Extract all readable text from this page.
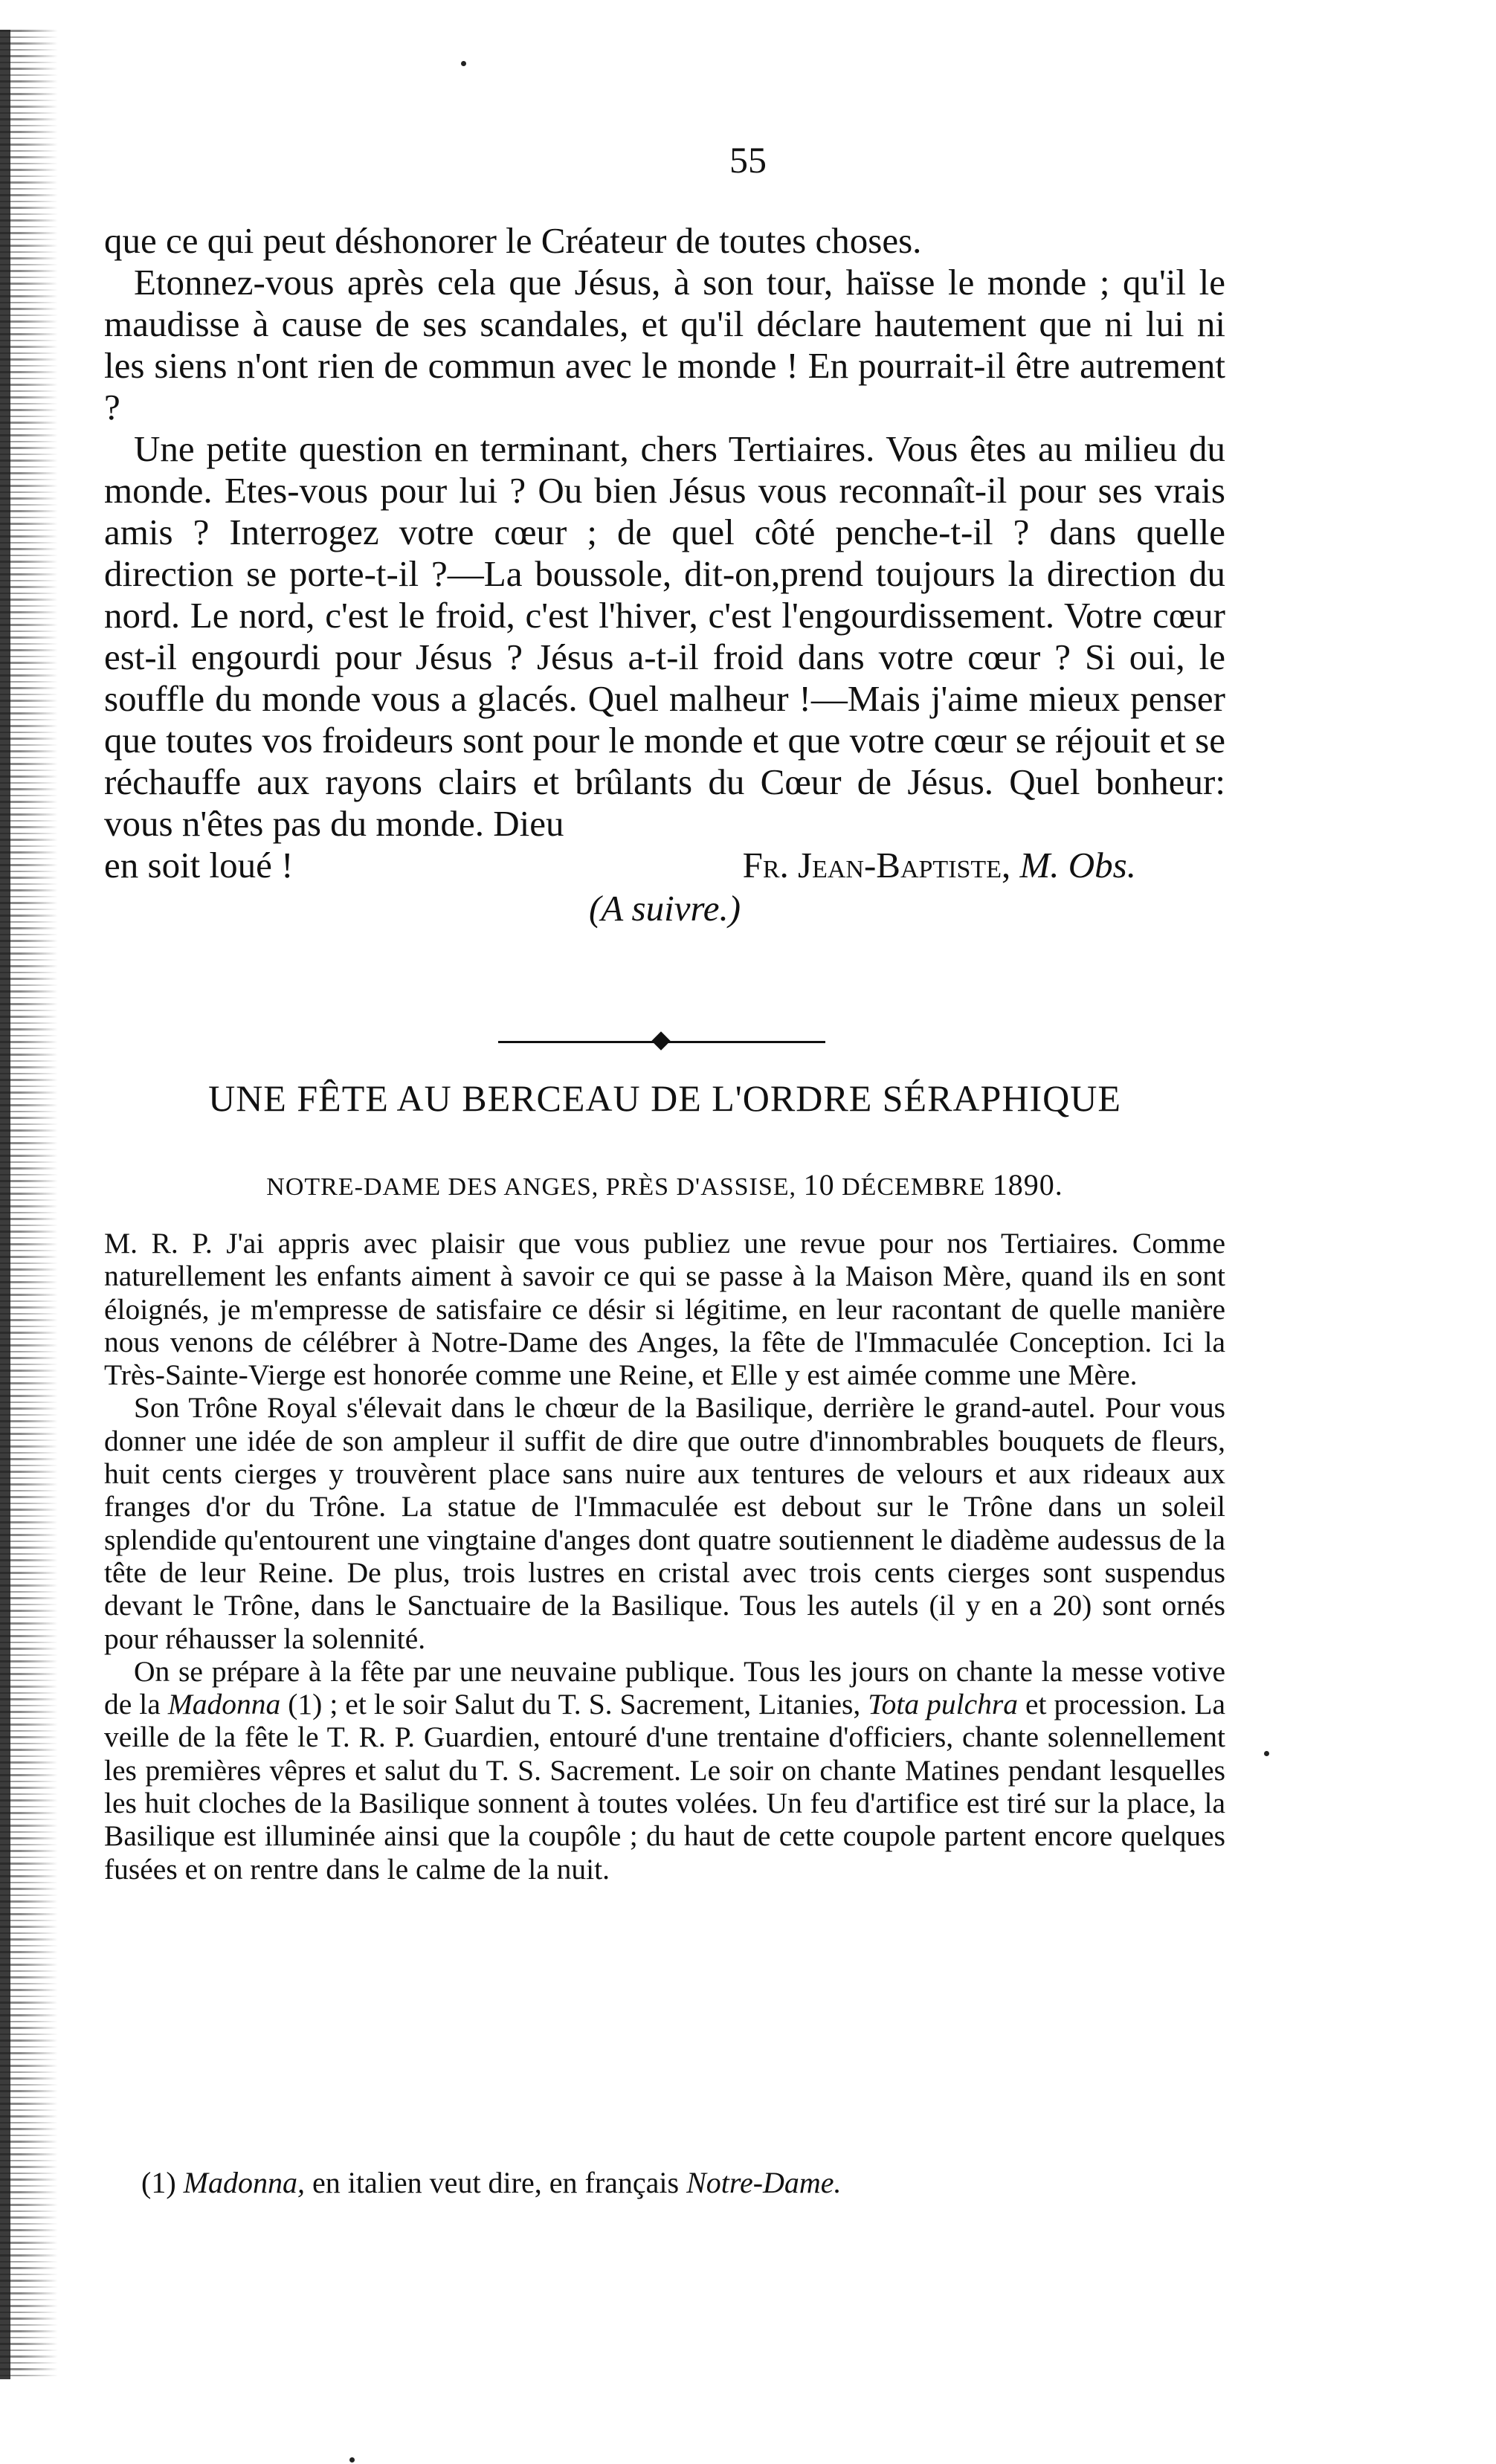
55

que ce qui peut déshonorer le Créateur de toutes choses.

Etonnez-vous après cela que Jésus, à son tour, haïsse le monde ; qu'il le maudisse à cause de ses scandales, et qu'il déclare hautement que ni lui ni les siens n'ont rien de commun avec le monde ! En pourrait-il être autrement ?

Une petite question en terminant, chers Tertiaires. Vous êtes au milieu du monde. Etes-vous pour lui ? Ou bien Jésus vous reconnaît-il pour ses vrais amis ? Interrogez votre cœur ; de quel côté penche-t-il ? dans quelle direction se porte-t-il ?—La boussole, dit-on,prend toujours la direction du nord. Le nord, c'est le froid, c'est l'hiver, c'est l'engourdissement. Votre cœur est-il engourdi pour Jésus ? Jésus a-t-il froid dans votre cœur ? Si oui, le souffle du monde vous a glacés. Quel malheur !—Mais j'aime mieux penser que toutes vos froideurs sont pour le monde et que votre cœur se réjouit et se réchauffe aux rayons clairs et brûlants du Cœur de Jésus. Quel bonheur: vous n'êtes pas du monde. Dieu

en soit loué !	Fr. Jean-Baptiste, M. Obs.
(A suivre.)
UNE FÊTE AU BERCEAU DE L'ORDRE SÉRAPHIQUE
NOTRE-DAME DES ANGES, PRÈS D'ASSISE, 10 DÉCEMBRE 1890.

M. R. P. J'ai appris avec plaisir que vous publiez une revue pour nos Tertiaires. Comme naturellement les enfants aiment à savoir ce qui se passe à la Maison Mère, quand ils en sont éloignés, je m'empresse de satisfaire ce désir si légitime, en leur racontant de quelle manière nous venons de célébrer à Notre-Dame des Anges, la fête de l'Immaculée Conception. Ici la Très-Sainte-Vierge est honorée comme une Reine, et Elle y est aimée comme une Mère.

Son Trône Royal s'élevait dans le chœur de la Basilique, derrière le grand-autel. Pour vous donner une idée de son ampleur il suffit de dire que outre d'innombrables bouquets de fleurs, huit cents cierges y trouvèrent place sans nuire aux tentures de velours et aux rideaux aux franges d'or du Trône. La statue de l'Immaculée est debout sur le Trône dans un soleil splendide qu'entourent une vingtaine d'anges dont quatre soutiennent le diadème audessus de la tête de leur Reine. De plus, trois lustres en cristal avec trois cents cierges sont suspendus devant le Trône, dans le Sanctuaire de la Basilique. Tous les autels (il y en a 20) sont ornés pour réhausser la solennité.

On se prépare à la fête par une neuvaine publique. Tous les jours on chante la messe votive de la Madonna (1) ; et le soir Salut du T. S. Sacrement, Litanies, Tota pulchra et procession. La veille de la fête le T. R. P. Guardien, entouré d'une trentaine d'officiers, chante solennellement les premières vêpres et salut du T. S. Sacrement. Le soir on chante Matines pendant lesquelles les huit cloches de la Basilique sonnent à toutes volées. Un feu d'artifice est tiré sur la place, la Basilique est illuminée ainsi que la coupôle ; du haut de cette coupole partent encore quelques fusées et on rentre dans le calme de la nuit.

(1) Madonna, en italien veut dire, en français Notre-Dame.
